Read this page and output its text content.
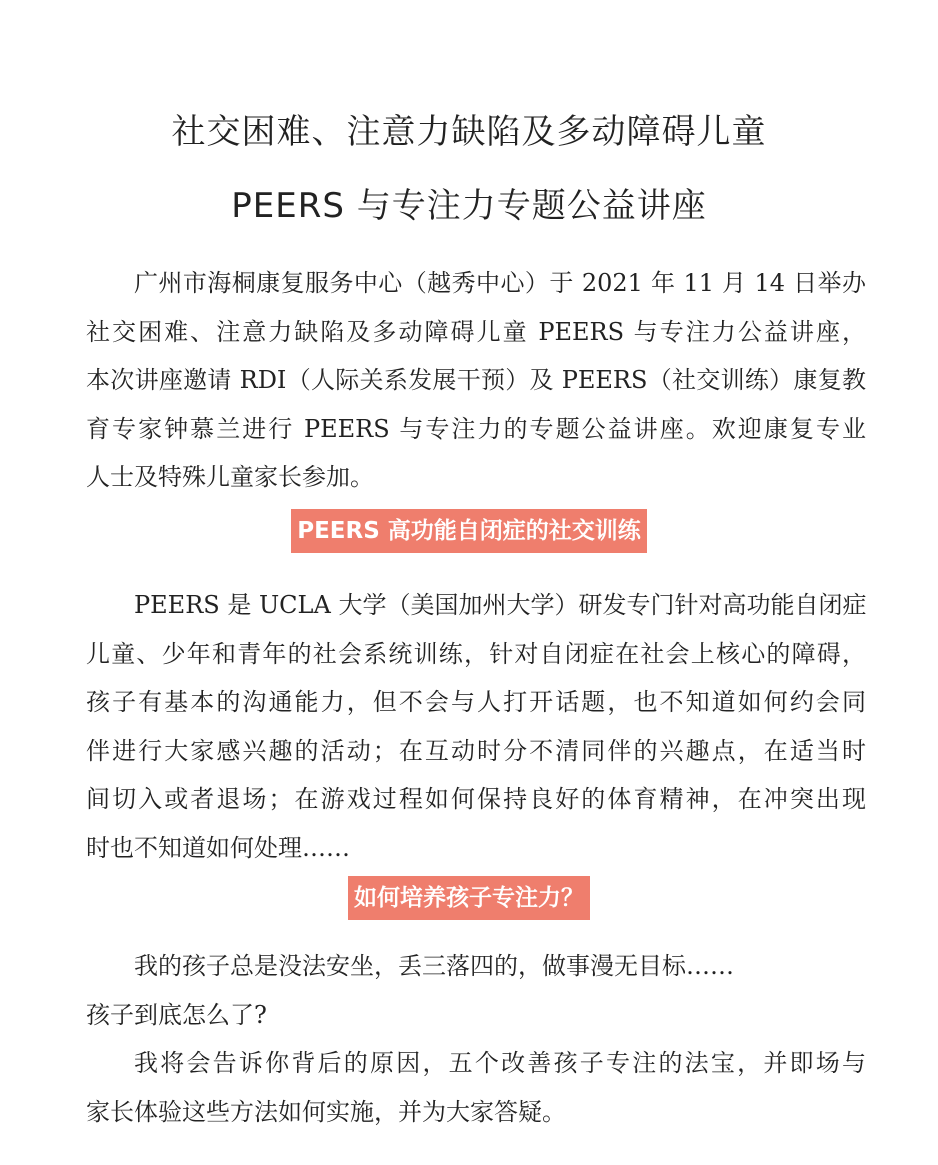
社交困难、注意力缺陷及多动障碍儿童
PEERS 与专注力专题公益讲座
广州市海桐康复服务中心（越秀中心）于 2021 年 11 月 14 日举办
社交困难、注意力缺陷及多动障碍儿童 PEERS 与专注力公益讲座，
本次讲座邀请 RDI（人际关系发展干预）及 PEERS（社交训练）康复教
育专家钟慕兰进行 PEERS 与专注力的专题公益讲座。欢迎康复专业
人士及特殊儿童家长参加。
PEERS 高功能自闭症的社交训练
PEERS 是 UCLA 大学（美国加州大学）研发专门针对高功能自闭症
儿童、少年和青年的社会系统训练，针对自闭症在社会上核心的障碍，
孩子有基本的沟通能力，但不会与人打开话题，也不知道如何约会同
伴进行大家感兴趣的活动；在互动时分不清同伴的兴趣点，在适当时
间切入或者退场；在游戏过程如何保持良好的体育精神，在冲突出现
时也不知道如何处理……
如何培养孩子专注力？
我的孩子总是没法安坐，丢三落四的，做事漫无目标……
孩子到底怎么了?
我将会告诉你背后的原因，五个改善孩子专注的法宝，并即场与
家长体验这些方法如何实施，并为大家答疑。
